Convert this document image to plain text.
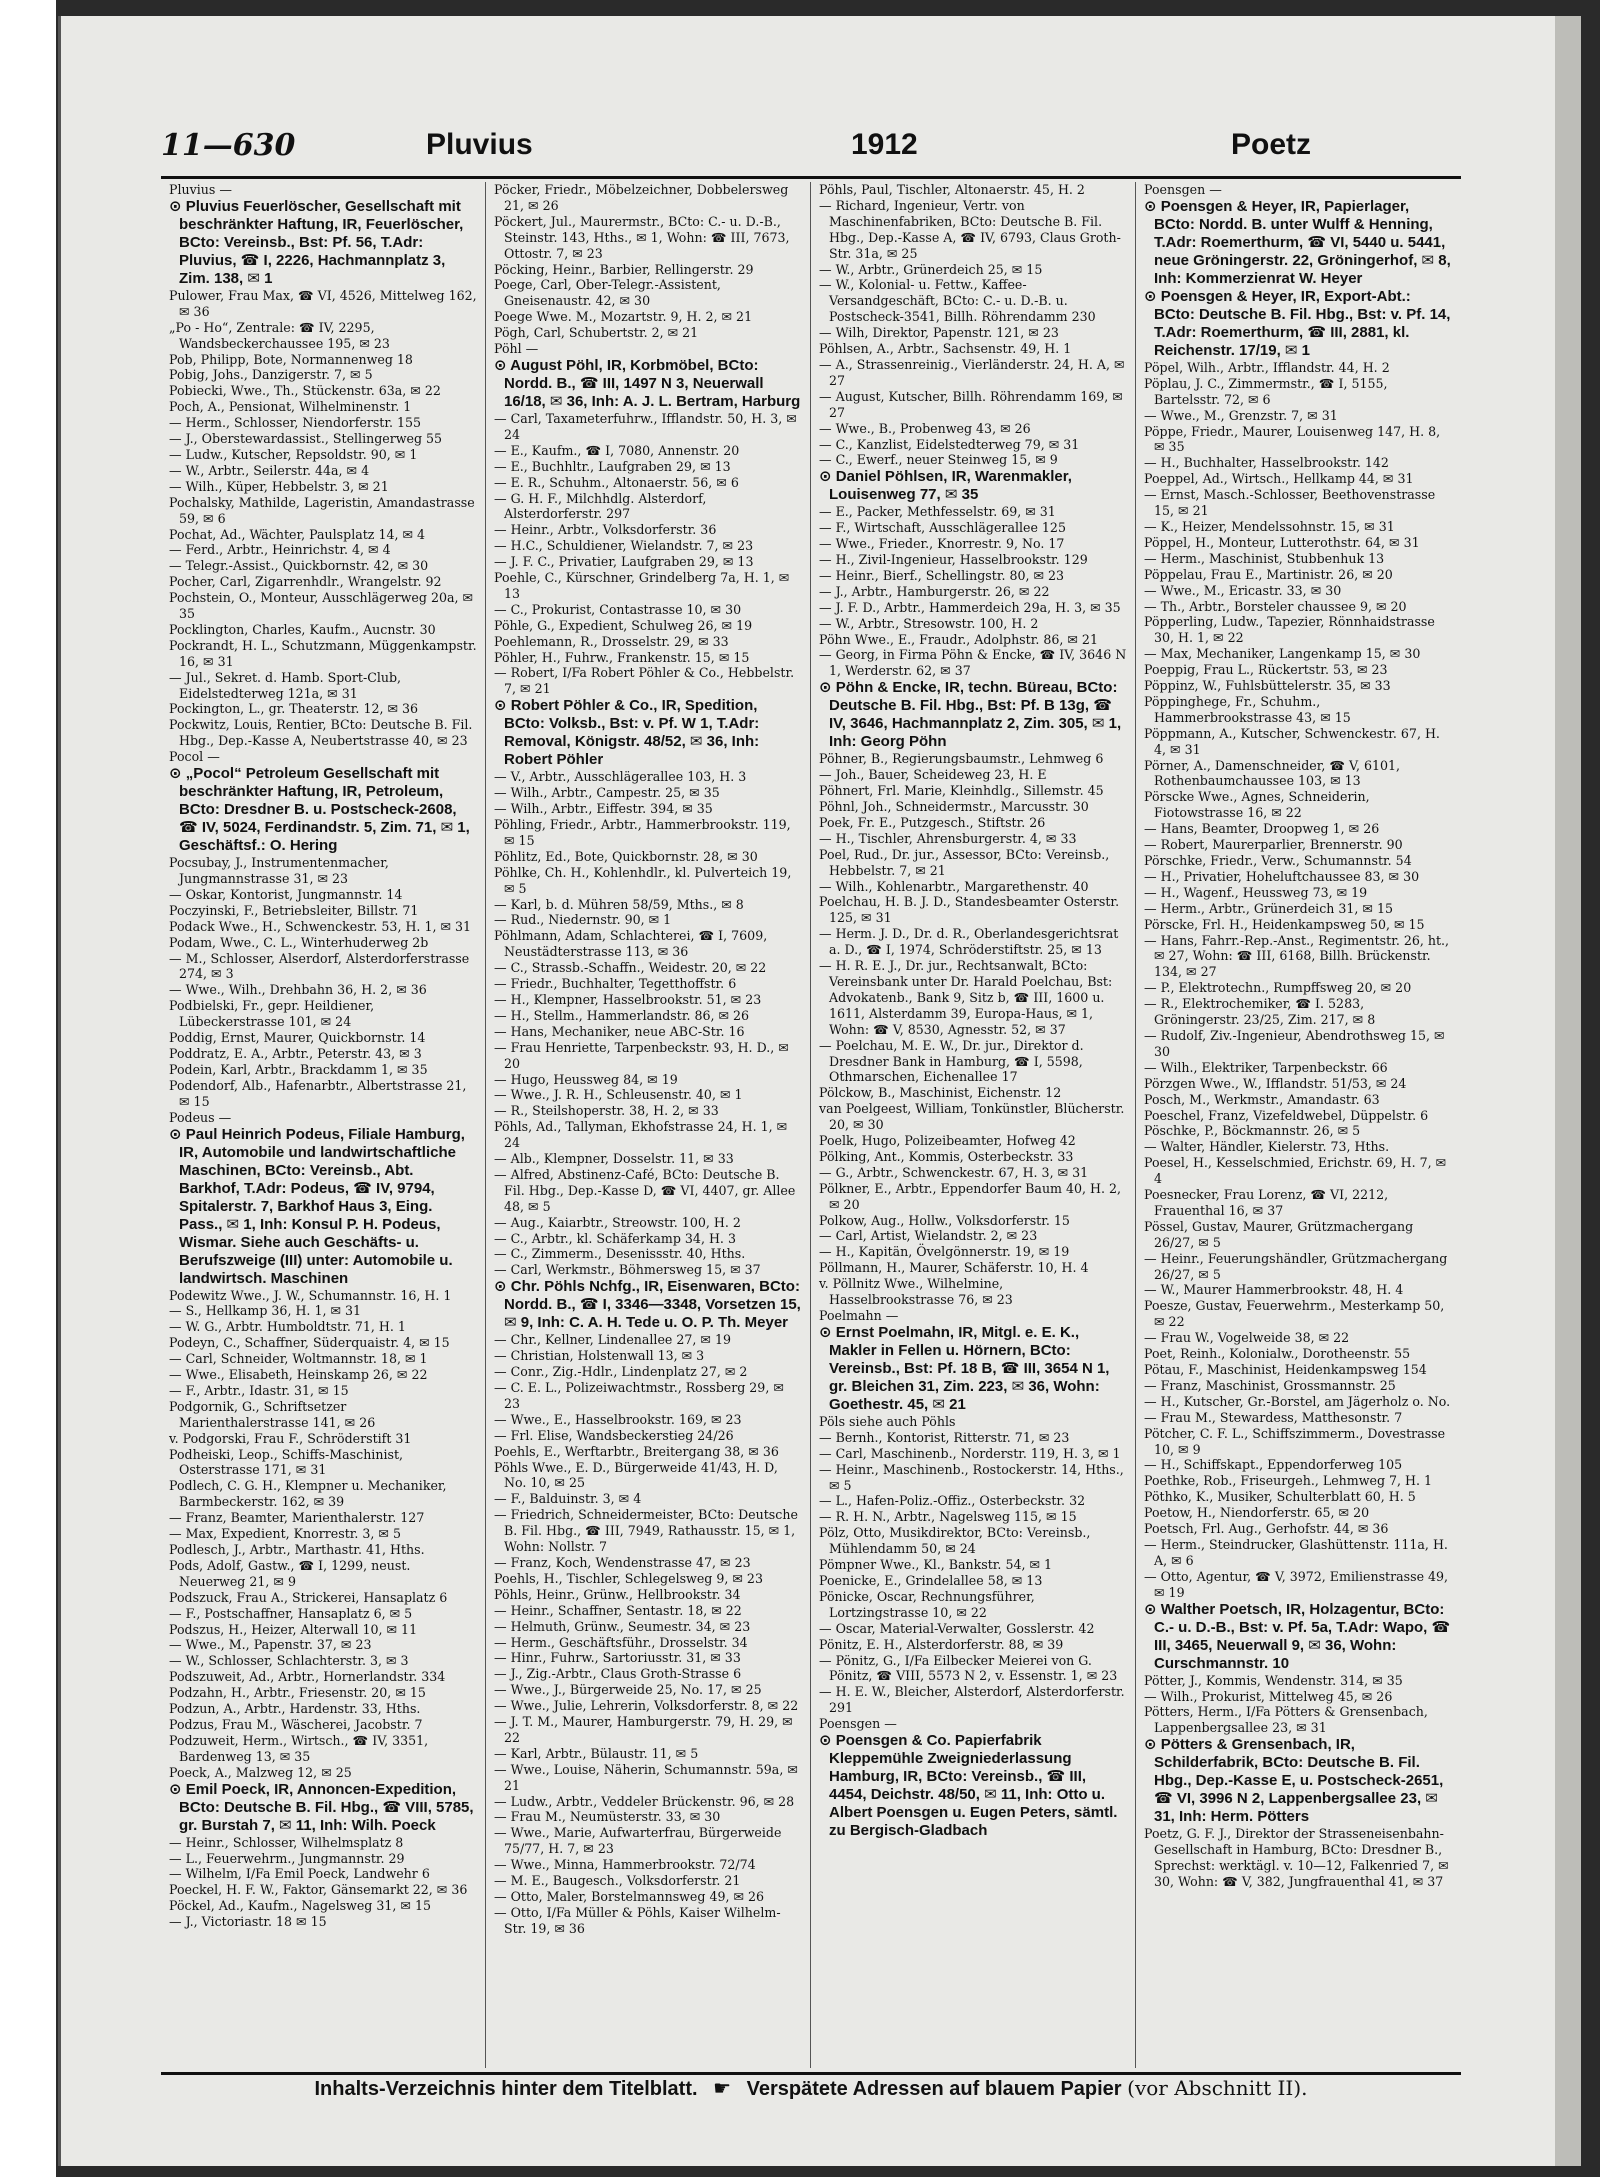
11—630	Pluvius	1912	Poetz

Pluvius —

⊙ Pluvius Feuerlöscher, Gesellschaft mit beschränkter Haftung, IR, Feuerlöscher, BCto: Vereinsb., Bst: Pf. 56, T.Adr: Pluvius, ☎ I, 2226, Hachmannplatz 3, Zim. 138, ✉ 1

Pulower, Frau Max, ☎ VI, 4526, Mittelweg 162, ✉ 36

„Po - Ho“, Zentrale: ☎ IV, 2295, Wandsbeckerchaussee 195, ✉ 23

Pob, Philipp, Bote, Normannenweg 18

Pobig, Johs., Danzigerstr. 7, ✉ 5

Pobiecki, Wwe., Th., Stückenstr. 63a, ✉ 22

Poch, A., Pensionat, Wilhelminenstr. 1

— Herm., Schlosser, Niendorferstr. 155

— J., Oberstewardassist., Stellingerweg 55

— Ludw., Kutscher, Repsoldstr. 90, ✉ 1

— W., Arbtr., Seilerstr. 44a, ✉ 4

— Wilh., Küper, Hebbelstr. 3, ✉ 21

Pochalsky, Mathilde, Lageristin, Amandastrasse 59, ✉ 6

Pochat, Ad., Wächter, Paulsplatz 14, ✉ 4

— Ferd., Arbtr., Heinrichstr. 4, ✉ 4

— Telegr.-Assist., Quickbornstr. 42, ✉ 30

Pocher, Carl, Zigarrenhdlr., Wrangelstr. 92

Pochstein, O., Monteur, Ausschlägerweg 20a, ✉ 35

Pocklington, Charles, Kaufm., Aucnstr. 30

Pockrandt, H. L., Schutzmann, Müggenkampstr. 16, ✉ 31

— Jul., Sekret. d. Hamb. Sport-Club, Eidelstedterweg 121a, ✉ 31

Pockington, L., gr. Theaterstr. 12, ✉ 36

Pockwitz, Louis, Rentier, BCto: Deutsche B. Fil. Hbg., Dep.-Kasse A, Neubertstrasse 40, ✉ 23

Pocol —

⊙ „Pocol“ Petroleum Gesellschaft mit beschränkter Haftung, IR, Petroleum, BCto: Dresdner B. u. Postscheck-2608, ☎ IV, 5024, Ferdinandstr. 5, Zim. 71, ✉ 1, Geschäftsf.: O. Hering

Pocsubay, J., Instrumentenmacher, Jungmannstrasse 31, ✉ 23

— Oskar, Kontorist, Jungmannstr. 14

Poczyinski, F., Betriebsleiter, Billstr. 71

Podack Wwe., H., Schwenckestr. 53, H. 1, ✉ 31

Podam, Wwe., C. L., Winterhuderweg 2b

— M., Schlosser, Alserdorf, Alsterdorferstrasse 274, ✉ 3

— Wwe., Wilh., Drehbahn 36, H. 2, ✉ 36

Podbielski, Fr., gepr. Heildiener, Lübeckerstrasse 101, ✉ 24

Poddig, Ernst, Maurer, Quickbornstr. 14

Poddratz, E. A., Arbtr., Peterstr. 43, ✉ 3

Podein, Karl, Arbtr., Brackdamm 1, ✉ 35

Podendorf, Alb., Hafenarbtr., Albertstrasse 21, ✉ 15

Podeus —

⊙ Paul Heinrich Podeus, Filiale Hamburg, IR, Automobile und landwirtschaftliche Maschinen, BCto: Vereinsb., Abt. Barkhof, T.Adr: Podeus, ☎ IV, 9794, Spitalerstr. 7, Barkhof Haus 3, Eing. Pass., ✉ 1, Inh: Konsul P. H. Podeus, Wismar. Siehe auch Geschäfts- u. Berufszweige (III) unter: Automobile u. landwirtsch. Maschinen

Podewitz Wwe., J. W., Schumannstr. 16, H. 1

— S., Hellkamp 36, H. 1, ✉ 31

— W. G., Arbtr. Humboldtstr. 71, H. 1

Podeyn, C., Schaffner, Süderquaistr. 4, ✉ 15

— Carl, Schneider, Woltmannstr. 18, ✉ 1

— Wwe., Elisabeth, Heinskamp 26, ✉ 22

— F., Arbtr., Idastr. 31, ✉ 15

Podgornik, G., Schriftsetzer Marienthalerstrasse 141, ✉ 26

v. Podgorski, Frau F., Schröderstift 31

Podheiski, Leop., Schiffs-Maschinist, Osterstrasse 171, ✉ 31

Podlech, C. G. H., Klempner u. Mechaniker, Barmbeckerstr. 162, ✉ 39

— Franz, Beamter, Marienthalerstr. 127

— Max, Expedient, Knorrestr. 3, ✉ 5

Podlesch, J., Arbtr., Marthastr. 41, Hths.

Pods, Adolf, Gastw., ☎ I, 1299, neust. Neuerweg 21, ✉ 9

Podszuck, Frau A., Strickerei, Hansaplatz 6

— F., Postschaffner, Hansaplatz 6, ✉ 5

Podszus, H., Heizer, Alterwall 10, ✉ 11

— Wwe., M., Papenstr. 37, ✉ 23

— W., Schlosser, Schlachterstr. 3, ✉ 3

Podszuweit, Ad., Arbtr., Hornerlandstr. 334

Podzahn, H., Arbtr., Friesenstr. 20, ✉ 15

Podzun, A., Arbtr., Hardenstr. 33, Hths.

Podzus, Frau M., Wäscherei, Jacobstr. 7

Podzuweit, Herm., Wirtsch., ☎ IV, 3351, Bardenweg 13, ✉ 35

Poeck, A., Malzweg 12, ✉ 25

⊙ Emil Poeck, IR, Annoncen-Expedition, BCto: Deutsche B. Fil. Hbg., ☎ VIII, 5785, gr. Burstah 7, ✉ 11, Inh: Wilh. Poeck

— Heinr., Schlosser, Wilhelmsplatz 8

— L., Feuerwehrm., Jungmannstr. 29

— Wilhelm, I/Fa Emil Poeck, Landwehr 6

Poeckel, H. F. W., Faktor, Gänsemarkt 22, ✉ 36

Pöckel, Ad., Kaufm., Nagelsweg 31, ✉ 15

— J., Victoriastr. 18 ✉ 15

Pöcker, Friedr., Möbelzeichner, Dobbelersweg 21, ✉ 26

Pöckert, Jul., Maurermstr., BCto: C.- u. D.-B., Steinstr. 143, Hths., ✉ 1, Wohn: ☎ III, 7673, Ottostr. 7, ✉ 23

Pöcking, Heinr., Barbier, Rellingerstr. 29

Poege, Carl, Ober-Telegr.-Assistent, Gneisenaustr. 42, ✉ 30

Poege Wwe. M., Mozartstr. 9, H. 2, ✉ 21

Pögh, Carl, Schubertstr. 2, ✉ 21

Pöhl —

⊙ August Pöhl, IR, Korbmöbel, BCto: Nordd. B., ☎ III, 1497 N 3, Neuerwall 16/18, ✉ 36, Inh: A. J. L. Bertram, Harburg

— Carl, Taxameterfuhrw., Ifflandstr. 50, H. 3, ✉ 24

— E., Kaufm., ☎ I, 7080, Annenstr. 20

— E., Buchhltr., Laufgraben 29, ✉ 13

— E. R., Schuhm., Altonaerstr. 56, ✉ 6

— G. H. F., Milchhdlg. Alsterdorf, Alsterdorferstr. 297

— Heinr., Arbtr., Volksdorferstr. 36

— H.C., Schuldiener, Wielandstr. 7, ✉ 23

— J. F. C., Privatier, Laufgraben 29, ✉ 13

Poehle, C., Kürschner, Grindelberg 7a, H. 1, ✉ 13

— C., Prokurist, Contastrasse 10, ✉ 30

Pöhle, G., Expedient, Schulweg 26, ✉ 19

Poehlemann, R., Drosselstr. 29, ✉ 33

Pöhler, H., Fuhrw., Frankenstr. 15, ✉ 15

— Robert, I/Fa Robert Pöhler & Co., Hebbelstr. 7, ✉ 21

⊙ Robert Pöhler & Co., IR, Spedition, BCto: Volksb., Bst: v. Pf. W 1, T.Adr: Removal, Königstr. 48/52, ✉ 36, Inh: Robert Pöhler

— V., Arbtr., Ausschlägerallee 103, H. 3

— Wilh., Arbtr., Campestr. 25, ✉ 35

— Wilh., Arbtr., Eiffestr. 394, ✉ 35

Pöhling, Friedr., Arbtr., Hammerbrookstr. 119, ✉ 15

Pöhlitz, Ed., Bote, Quickbornstr. 28, ✉ 30

Pöhlke, Ch. H., Kohlenhdlr., kl. Pulverteich 19, ✉ 5

— Karl, b. d. Mühren 58/59, Mths., ✉ 8

— Rud., Niedernstr. 90, ✉ 1

Pöhlmann, Adam, Schlachterei, ☎ I, 7609, Neustädterstrasse 113, ✉ 36

— C., Strassb.-Schaffn., Weidestr. 20, ✉ 22

— Friedr., Buchhalter, Tegetthoffstr. 6

— H., Klempner, Hasselbrookstr. 51, ✉ 23

— H., Stellm., Hammerlandstr. 86, ✉ 26

— Hans, Mechaniker, neue ABC-Str. 16

— Frau Henriette, Tarpenbeckstr. 93, H. D., ✉ 20

— Hugo, Heussweg 84, ✉ 19

— Wwe., J. R. H., Schleusenstr. 40, ✉ 1

— R., Steilshoperstr. 38, H. 2, ✉ 33

Pöhls, Ad., Tallyman, Ekhofstrasse 24, H. 1, ✉ 24

— Alb., Klempner, Dosselstr. 11, ✉ 33

— Alfred, Abstinenz-Café, BCto: Deutsche B. Fil. Hbg., Dep.-Kasse D, ☎ VI, 4407, gr. Allee 48, ✉ 5

— Aug., Kaiarbtr., Streowstr. 100, H. 2

— C., Arbtr., kl. Schäferkamp 34, H. 3

— C., Zimmerm., Desenissstr. 40, Hths.

— Carl, Werkmstr., Böhmersweg 15, ✉ 37

⊙ Chr. Pöhls Nchfg., IR, Eisenwaren, BCto: Nordd. B., ☎ I, 3346—3348, Vorsetzen 15, ✉ 9, Inh: C. A. H. Tede u. O. P. Th. Meyer

— Chr., Kellner, Lindenallee 27, ✉ 19

— Christian, Holstenwall 13, ✉ 3

— Conr., Zig.-Hdlr., Lindenplatz 27, ✉ 2

— C. E. L., Polizeiwachtmstr., Rossberg 29, ✉ 23

— Wwe., E., Hasselbrookstr. 169, ✉ 23

— Frl. Elise, Wandsbeckerstieg 24/26

Poehls, E., Werftarbtr., Breitergang 38, ✉ 36

Pöhls Wwe., E. D., Bürgerweide 41/43, H. D, No. 10, ✉ 25

— F., Balduinstr. 3, ✉ 4

— Friedrich, Schneidermeister, BCto: Deutsche B. Fil. Hbg., ☎ III, 7949, Rathausstr. 15, ✉ 1, Wohn: Nollstr. 7

— Franz, Koch, Wendenstrasse 47, ✉ 23

Poehls, H., Tischler, Schlegelsweg 9, ✉ 23

Pöhls, Heinr., Grünw., Hellbrookstr. 34

— Heinr., Schaffner, Sentastr. 18, ✉ 22

— Helmuth, Grünw., Seumestr. 34, ✉ 23

— Herm., Geschäftsführ., Drosselstr. 34

— Hinr., Fuhrw., Sartoriusstr. 31, ✉ 33

— J., Zig.-Arbtr., Claus Groth-Strasse 6

— Wwe., J., Bürgerweide 25, No. 17, ✉ 25

— Wwe., Julie, Lehrerin, Volksdorferstr. 8, ✉ 22

— J. T. M., Maurer, Hamburgerstr. 79, H. 29, ✉ 22

— Karl, Arbtr., Bülaustr. 11, ✉ 5

— Wwe., Louise, Näherin, Schumannstr. 59a, ✉ 21

— Ludw., Arbtr., Veddeler Brückenstr. 96, ✉ 28

— Frau M., Neumüsterstr. 33, ✉ 30

— Wwe., Marie, Aufwarterfrau, Bürgerweide 75/77, H. 7, ✉ 23

— Wwe., Minna, Hammerbrookstr. 72/74

— M. E., Baugesch., Volksdorferstr. 21

— Otto, Maler, Borstelmannsweg 49, ✉ 26

— Otto, I/Fa Müller & Pöhls, Kaiser Wilhelm-Str. 19, ✉ 36

Pöhls, Paul, Tischler, Altonaerstr. 45, H. 2

— Richard, Ingenieur, Vertr. von Maschinenfabriken, BCto: Deutsche B. Fil. Hbg., Dep.-Kasse A, ☎ IV, 6793, Claus Groth-Str. 31a, ✉ 25

— W., Arbtr., Grünerdeich 25, ✉ 15

— W., Kolonial- u. Fettw., Kaffee-Versandgeschäft, BCto: C.- u. D.-B. u. Postscheck-3541, Billh. Röhrendamm 230

— Wilh, Direktor, Papenstr. 121, ✉ 23

Pöhlsen, A., Arbtr., Sachsenstr. 49, H. 1

— A., Strassenreinig., Vierländerstr. 24, H. A, ✉ 27

— August, Kutscher, Billh. Röhrendamm 169, ✉ 27

— Wwe., B., Probenweg 43, ✉ 26

— C., Kanzlist, Eidelstedterweg 79, ✉ 31

— C., Ewerf., neuer Steinweg 15, ✉ 9

⊙ Daniel Pöhlsen, IR, Warenmakler, Louisenweg 77, ✉ 35

— E., Packer, Methfesselstr. 69, ✉ 31

— F., Wirtschaft, Ausschlägerallee 125

— Wwe., Frieder., Knorrestr. 9, No. 17

— H., Zivil-Ingenieur, Hasselbrookstr. 129

— Heinr., Bierf., Schellingstr. 80, ✉ 23

— J., Arbtr., Hamburgerstr. 26, ✉ 22

— J. F. D., Arbtr., Hammerdeich 29a, H. 3, ✉ 35

— W., Arbtr., Stresowstr. 100, H. 2

Pöhn Wwe., E., Fraudr., Adolphstr. 86, ✉ 21

— Georg, in Firma Pöhn & Encke, ☎ IV, 3646 N 1, Werderstr. 62, ✉ 37

⊙ Pöhn & Encke, IR, techn. Büreau, BCto: Deutsche B. Fil. Hbg., Bst: Pf. B 13g, ☎ IV, 3646, Hachmannplatz 2, Zim. 305, ✉ 1, Inh: Georg Pöhn

Pöhner, B., Regierungsbaumstr., Lehmweg 6

— Joh., Bauer, Scheideweg 23, H. E

Pöhnert, Frl. Marie, Kleinhdlg., Sillemstr. 45

Pöhnl, Joh., Schneidermstr., Marcusstr. 30

Poek, Fr. E., Putzgesch., Stiftstr. 26

— H., Tischler, Ahrensburgerstr. 4, ✉ 33

Poel, Rud., Dr. jur., Assessor, BCto: Vereinsb., Hebbelstr. 7, ✉ 21

— Wilh., Kohlenarbtr., Margarethenstr. 40

Poelchau, H. B. J. D., Standesbeamter Osterstr. 125, ✉ 31

— Herm. J. D., Dr. d. R., Oberlandesgerichtsrat a. D., ☎ I, 1974, Schröderstiftstr. 25, ✉ 13

— H. R. E. J., Dr. jur., Rechtsanwalt, BCto: Vereinsbank unter Dr. Harald Poelchau, Bst: Advokatenb., Bank 9, Sitz b, ☎ III, 1600 u. 1611, Alsterdamm 39, Europa-Haus, ✉ 1, Wohn: ☎ V, 8530, Agnesstr. 52, ✉ 37

— Poelchau, M. E. W., Dr. jur., Direktor d. Dresdner Bank in Hamburg, ☎ I, 5598, Othmarschen, Eichenallee 17

Pölckow, B., Maschinist, Eichenstr. 12

van Poelgeest, William, Tonkünstler, Blücherstr. 20, ✉ 30

Poelk, Hugo, Polizeibeamter, Hofweg 42

Pölking, Ant., Kommis, Osterbeckstr. 33

— G., Arbtr., Schwenckestr. 67, H. 3, ✉ 31

Pölkner, E., Arbtr., Eppendorfer Baum 40, H. 2, ✉ 20

Polkow, Aug., Hollw., Volksdorferstr. 15

— Carl, Artist, Wielandstr. 2, ✉ 23

— H., Kapitän, Övelgönnerstr. 19, ✉ 19

Pöllmann, H., Maurer, Schäferstr. 10, H. 4

v. Pöllnitz Wwe., Wilhelmine, Hasselbrookstrasse 76, ✉ 23

Poelmahn —

⊙ Ernst Poelmahn, IR, Mitgl. e. E. K., Makler in Fellen u. Hörnern, BCto: Vereinsb., Bst: Pf. 18 B, ☎ III, 3654 N 1, gr. Bleichen 31, Zim. 223, ✉ 36, Wohn: Goethestr. 45, ✉ 21

Pöls siehe auch Pöhls

— Bernh., Kontorist, Ritterstr. 71, ✉ 23

— Carl, Maschinenb., Norderstr. 119, H. 3, ✉ 1

— Heinr., Maschinenb., Rostockerstr. 14, Hths., ✉ 5

— L., Hafen-Poliz.-Offiz., Osterbeckstr. 32

— R. H. N., Arbtr., Nagelsweg 115, ✉ 15

Pölz, Otto, Musikdirektor, BCto: Vereinsb., Mühlendamm 50, ✉ 24

Pömpner Wwe., Kl., Bankstr. 54, ✉ 1

Poenicke, E., Grindelallee 58, ✉ 13

Pönicke, Oscar, Rechnungsführer, Lortzingstrasse 10, ✉ 22

— Oscar, Material-Verwalter, Gosslerstr. 42

Pönitz, E. H., Alsterdorferstr. 88, ✉ 39

— Pönitz, G., I/Fa Eilbecker Meierei von G. Pönitz, ☎ VIII, 5573 N 2, v. Essenstr. 1, ✉ 23

— H. E. W., Bleicher, Alsterdorf, Alsterdorferstr. 291

Poensgen —

⊙ Poensgen & Co. Papierfabrik Kleppemühle Zweigniederlassung Hamburg, IR, BCto: Vereinsb., ☎ III, 4454, Deichstr. 48/50, ✉ 11, Inh: Otto u. Albert Poensgen u. Eugen Peters, sämtl. zu Bergisch-Gladbach

Poensgen —

⊙ Poensgen & Heyer, IR, Papierlager, BCto: Nordd. B. unter Wulff & Henning, T.Adr: Roemerthurm, ☎ VI, 5440 u. 5441, neue Gröningerstr. 22, Gröningerhof, ✉ 8, Inh: Kommerzienrat W. Heyer

⊙ Poensgen & Heyer, IR, Export-Abt.: BCto: Deutsche B. Fil. Hbg., Bst: v. Pf. 14, T.Adr: Roemerthurm, ☎ III, 2881, kl. Reichenstr. 17/19, ✉ 1

Pöpel, Wilh., Arbtr., Ifflandstr. 44, H. 2

Pöplau, J. C., Zimmermstr., ☎ I, 5155, Bartelsstr. 72, ✉ 6

— Wwe., M., Grenzstr. 7, ✉ 31

Pöppe, Friedr., Maurer, Louisenweg 147, H. 8, ✉ 35

— H., Buchhalter, Hasselbrookstr. 142

Poeppel, Ad., Wirtsch., Hellkamp 44, ✉ 31

— Ernst, Masch.-Schlosser, Beethovenstrasse 15, ✉ 21

— K., Heizer, Mendelssohnstr. 15, ✉ 31

Pöppel, H., Monteur, Lutterothstr. 64, ✉ 31

— Herm., Maschinist, Stubbenhuk 13

Pöppelau, Frau E., Martinistr. 26, ✉ 20

— Wwe., M., Ericastr. 33, ✉ 30

— Th., Arbtr., Borsteler chaussee 9, ✉ 20

Pöpperling, Ludw., Tapezier, Rönnhaidstrasse 30, H. 1, ✉ 22

— Max, Mechaniker, Langenkamp 15, ✉ 30

Poeppig, Frau L., Rückertstr. 53, ✉ 23

Pöppinz, W., Fuhlsbüttelerstr. 35, ✉ 33

Pöppinghege, Fr., Schuhm., Hammerbrookstrasse 43, ✉ 15

Pöppmann, A., Kutscher, Schwenckestr. 67, H. 4, ✉ 31

Pörner, A., Damenschneider, ☎ V, 6101, Rothenbaumchaussee 103, ✉ 13

Pörscke Wwe., Agnes, Schneiderin, Fiotowstrasse 16, ✉ 22

— Hans, Beamter, Droopweg 1, ✉ 26

— Robert, Maurerparlier, Brennerstr. 90

Pörschke, Friedr., Verw., Schumannstr. 54

— H., Privatier, Hoheluftchaussee 83, ✉ 30

— H., Wagenf., Heussweg 73, ✉ 19

— Herm., Arbtr., Grünerdeich 31, ✉ 15

Pörscke, Frl. H., Heidenkampsweg 50, ✉ 15

— Hans, Fahrr.-Rep.-Anst., Regimentstr. 26, ht., ✉ 27, Wohn: ☎ III, 6168, Billh. Brückenstr. 134, ✉ 27

— P., Elektrotechn., Rumpffsweg 20, ✉ 20

— R., Elektrochemiker, ☎ I. 5283, Gröningerstr. 23/25, Zim. 217, ✉ 8

— Rudolf, Ziv.-Ingenieur, Abendrothsweg 15, ✉ 30

— Wilh., Elektriker, Tarpenbeckstr. 66

Pörzgen Wwe., W., Ifflandstr. 51/53, ✉ 24

Posch, M., Werkmstr., Amandastr. 63

Poeschel, Franz, Vizefeldwebel, Düppelstr. 6

Pöschke, P., Böckmannstr. 26, ✉ 5

— Walter, Händler, Kielerstr. 73, Hths.

Poesel, H., Kesselschmied, Erichstr. 69, H. 7, ✉ 4

Poesnecker, Frau Lorenz, ☎ VI, 2212, Frauenthal 16, ✉ 37

Pössel, Gustav, Maurer, Grützmachergang 26/27, ✉ 5

— Heinr., Feuerungshändler, Grützmachergang 26/27, ✉ 5

— W., Maurer Hammerbrookstr. 48, H. 4

Poesze, Gustav, Feuerwehrm., Mesterkamp 50, ✉ 22

— Frau W., Vogelweide 38, ✉ 22

Poet, Reinh., Kolonialw., Dorotheenstr. 55

Pötau, F., Maschinist, Heidenkampsweg 154

— Franz, Maschinist, Grossmannstr. 25

— H., Kutscher, Gr.-Borstel, am Jägerholz o. No.

— Frau M., Stewardess, Matthesonstr. 7

Pötcher, C. F. L., Schiffszimmerm., Dovestrasse 10, ✉ 9

— H., Schiffskapt., Eppendorferweg 105

Poethke, Rob., Friseurgeh., Lehmweg 7, H. 1

Pöthko, K., Musiker, Schulterblatt 60, H. 5

Poetow, H., Niendorferstr. 65, ✉ 20

Poetsch, Frl. Aug., Gerhofstr. 44, ✉ 36

— Herm., Steindrucker, Glashüttenstr. 111a, H. A, ✉ 6

— Otto, Agentur, ☎ V, 3972, Emilienstrasse 49, ✉ 19

⊙ Walther Poetsch, IR, Holzagentur, BCto: C.- u. D.-B., Bst: v. Pf. 5a, T.Adr: Wapo, ☎ III, 3465, Neuerwall 9, ✉ 36, Wohn: Curschmannstr. 10

Pötter, J., Kommis, Wendenstr. 314, ✉ 35

— Wilh., Prokurist, Mittelweg 45, ✉ 26

Pötters, Herm., I/Fa Pötters & Grensenbach, Lappenbergsallee 23, ✉ 31

⊙ Pötters & Grensenbach, IR, Schilderfabrik, BCto: Deutsche B. Fil. Hbg., Dep.-Kasse E, u. Postscheck-2651, ☎ VI, 3996 N 2, Lappenbergsallee 23, ✉ 31, Inh: Herm. Pötters

Poetz, G. F. J., Direktor der Strasseneisenbahn-Gesellschaft in Hamburg, BCto: Dresdner B., Sprechst: werktägl. v. 10—12, Falkenried 7, ✉ 30, Wohn: ☎ V, 382, Jungfrauenthal 41, ✉ 37

Inhalts-Verzeichnis hinter dem Titelblatt. ☛ Verspätete Adressen auf blauem Papier (vor Abschnitt II).
